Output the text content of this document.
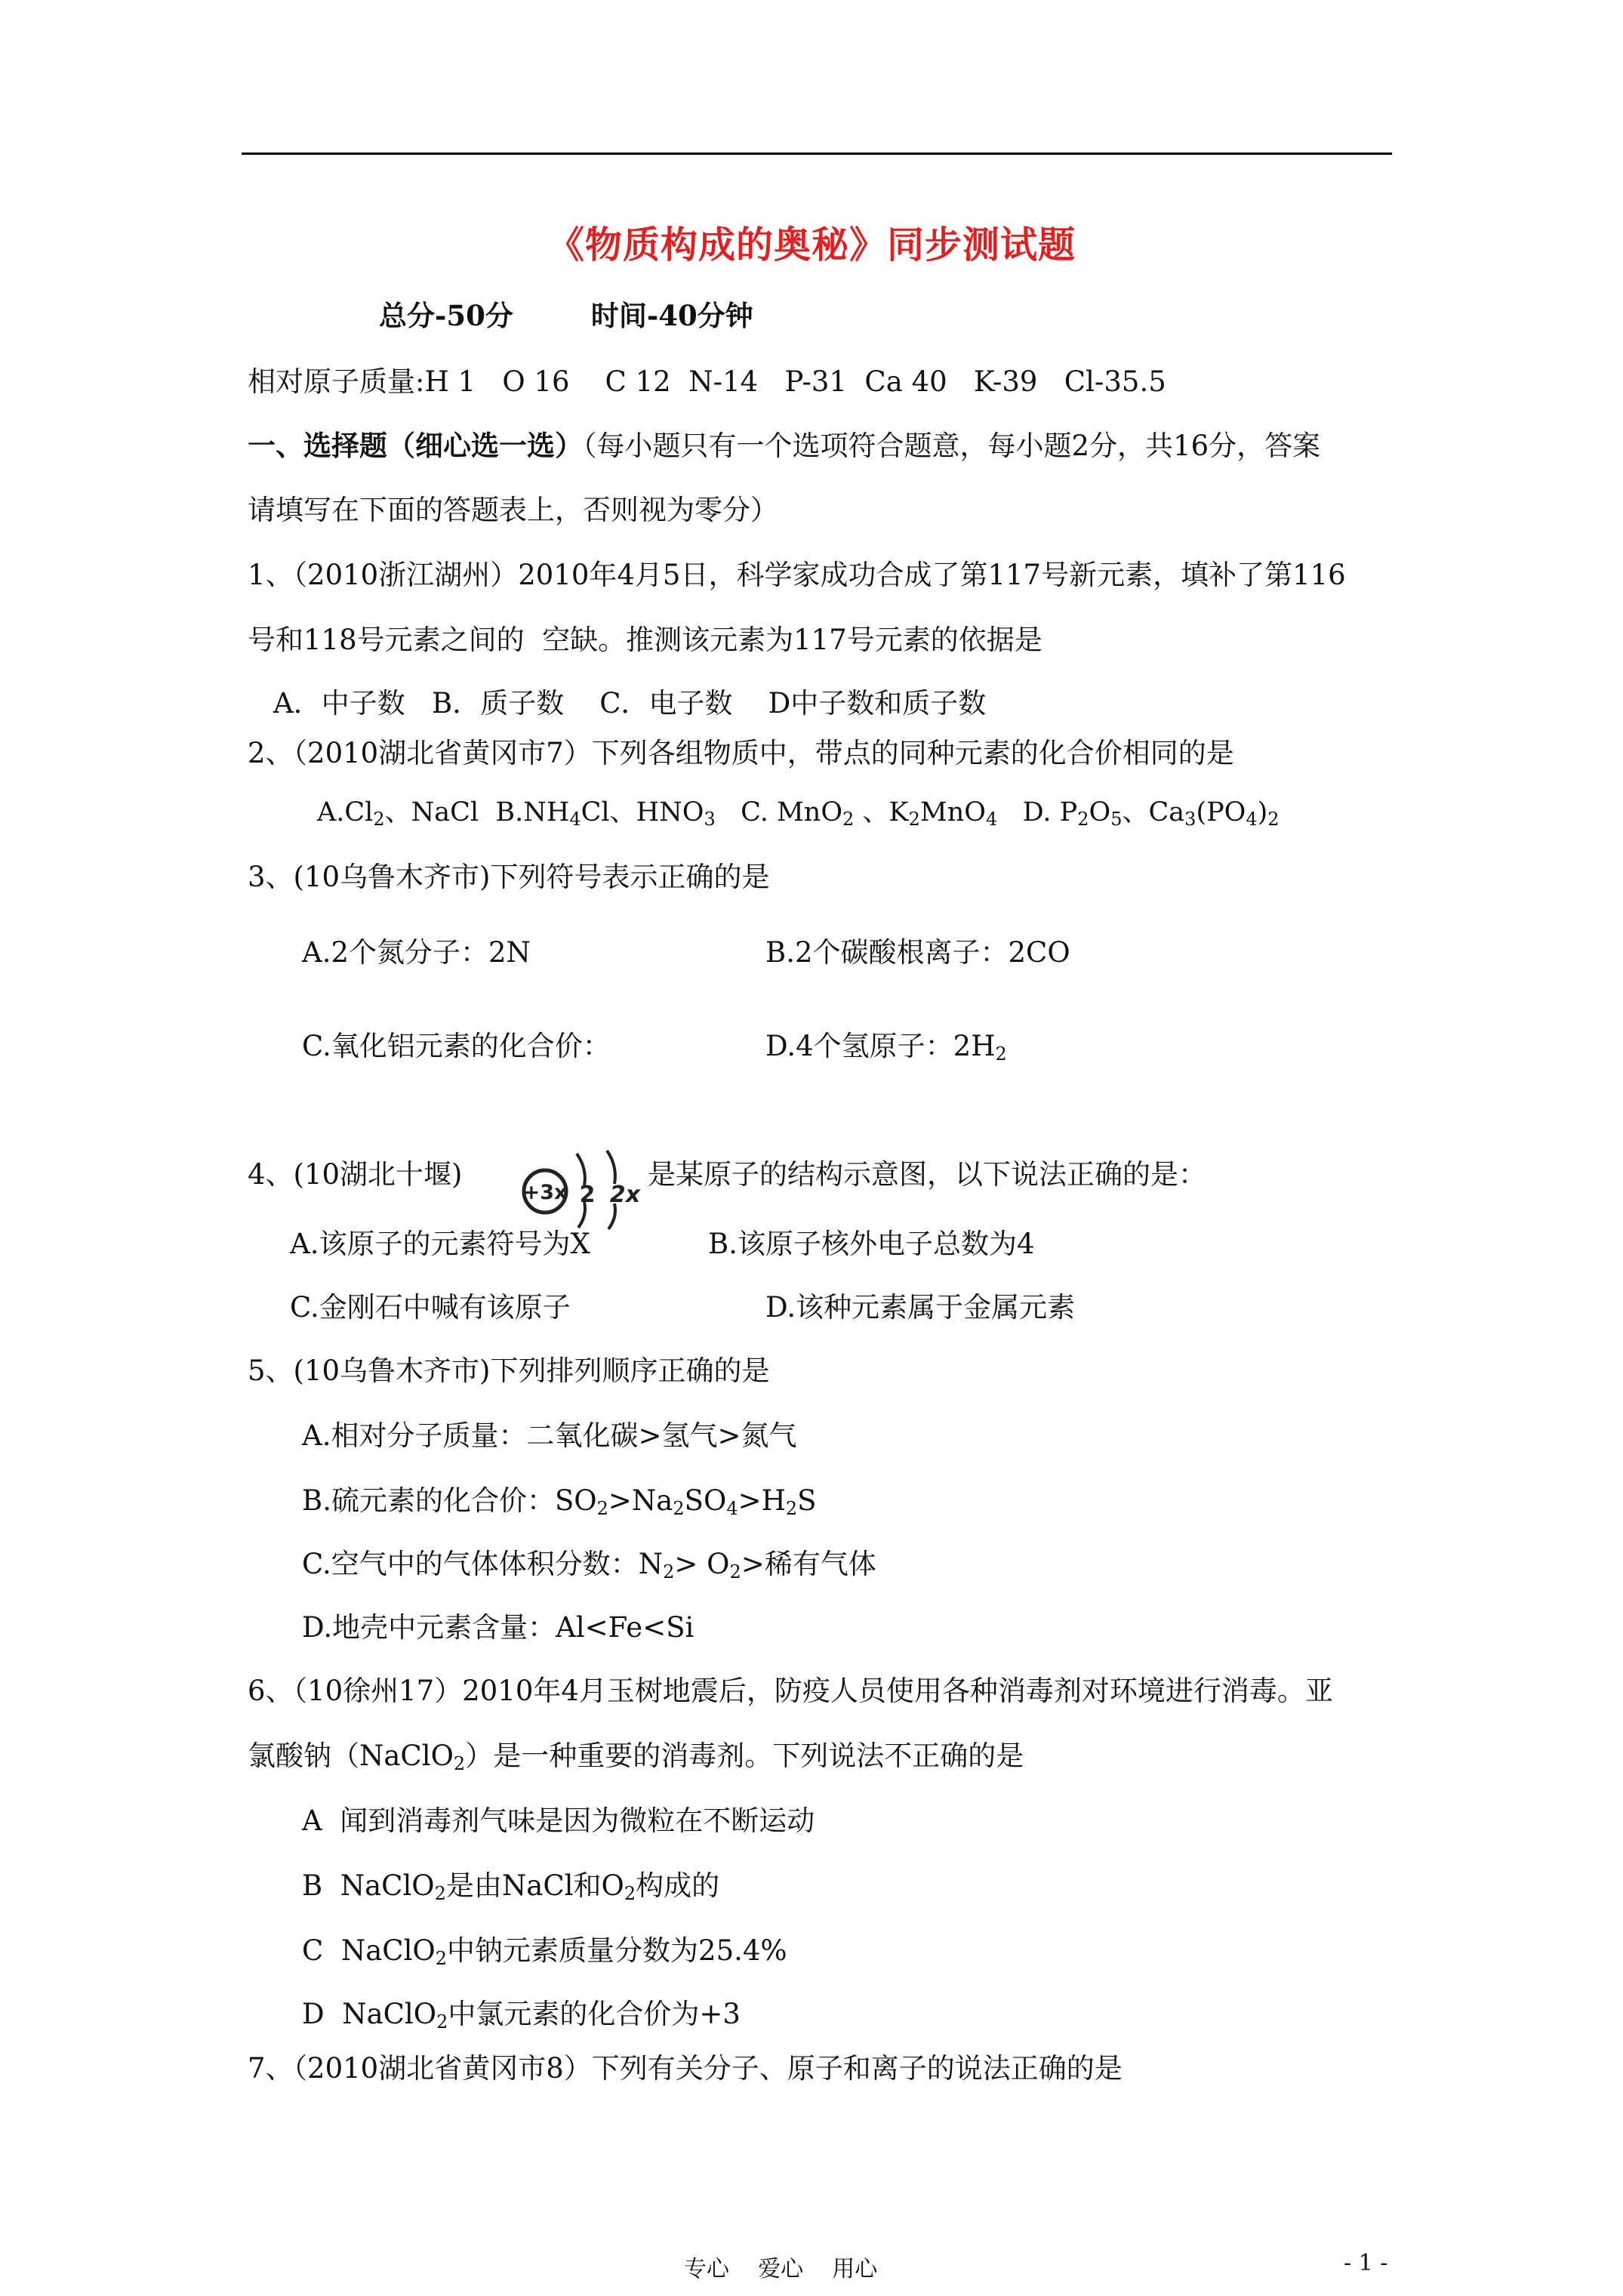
《物质构成的奥秘》同步测试题
总分-50分	时间-40分钟
相对原子质量:H 1   O 16    C 12  N-14   P-31  Ca 40   K-39   Cl-35.5
一、选择题（细心选一选）（每小题只有一个选项符合题意，每小题2分，共16分，答案
请填写在下面的答题表上，否则视为零分）
1、（2010浙江湖州）2010年4月5日，科学家成功合成了第117号新元素，填补了第116
号和118号元素之间的  空缺。推测该元素为117号元素的依据是
A．中子数   B．质子数    C．电子数    D中子数和质子数
2、（2010湖北省黄冈市7）下列各组物质中，带点的同种元素的化合价相同的是
$A.Cl_2$、NaCl  $B.NH_4Cl$、$HNO_3$ C. MnO$_2$ 、$K_2MnO_4$ D. $P_2O_5$、$Ca_3(PO_4)_2$
3、(10乌鲁木齐市)下列符号表示正确的是
A.2个氮分子：2N	B.2个碳酸根离子：2CO
C.氧化铝元素的化合价：	D.4个氢原子：$2H_2$
4、(10湖北十堰)
+3x 2 2x
是某原子的结构示意图，以下说法正确的是：
A.该原子的元素符号为X	B.该原子核外电子总数为4
C.金刚石中喊有该原子	D.该种元素属于金属元素
5、(10乌鲁木齐市)下列排列顺序正确的是
A.相对分子质量：二氧化碳>氢气>氮气
B.硫元素的化合价：$SO_2>Na_2SO_4>H_2S$
C.空气中的气体体积分数：$N_2> O_2>$稀有气体
D.地壳中元素含量：Al<Fe<Si
6、（10徐州17）2010年4月玉树地震后，防疫人员使用各种消毒剂对环境进行消毒。亚
氯酸钠（NaClO$_2$）是一种重要的消毒剂。下列说法不正确的是
A  闻到消毒剂气味是因为微粒在不断运动
B  NaClO$_2$是由NaCl和$O_2$构成的
C  NaClO$_2$中钠元素质量分数为25.4%
D  NaClO$_2$中氯元素的化合价为+3
7、（2010湖北省黄冈市8）下列有关分子、原子和离子的说法正确的是
专心    爱心    用心	- 1 -
